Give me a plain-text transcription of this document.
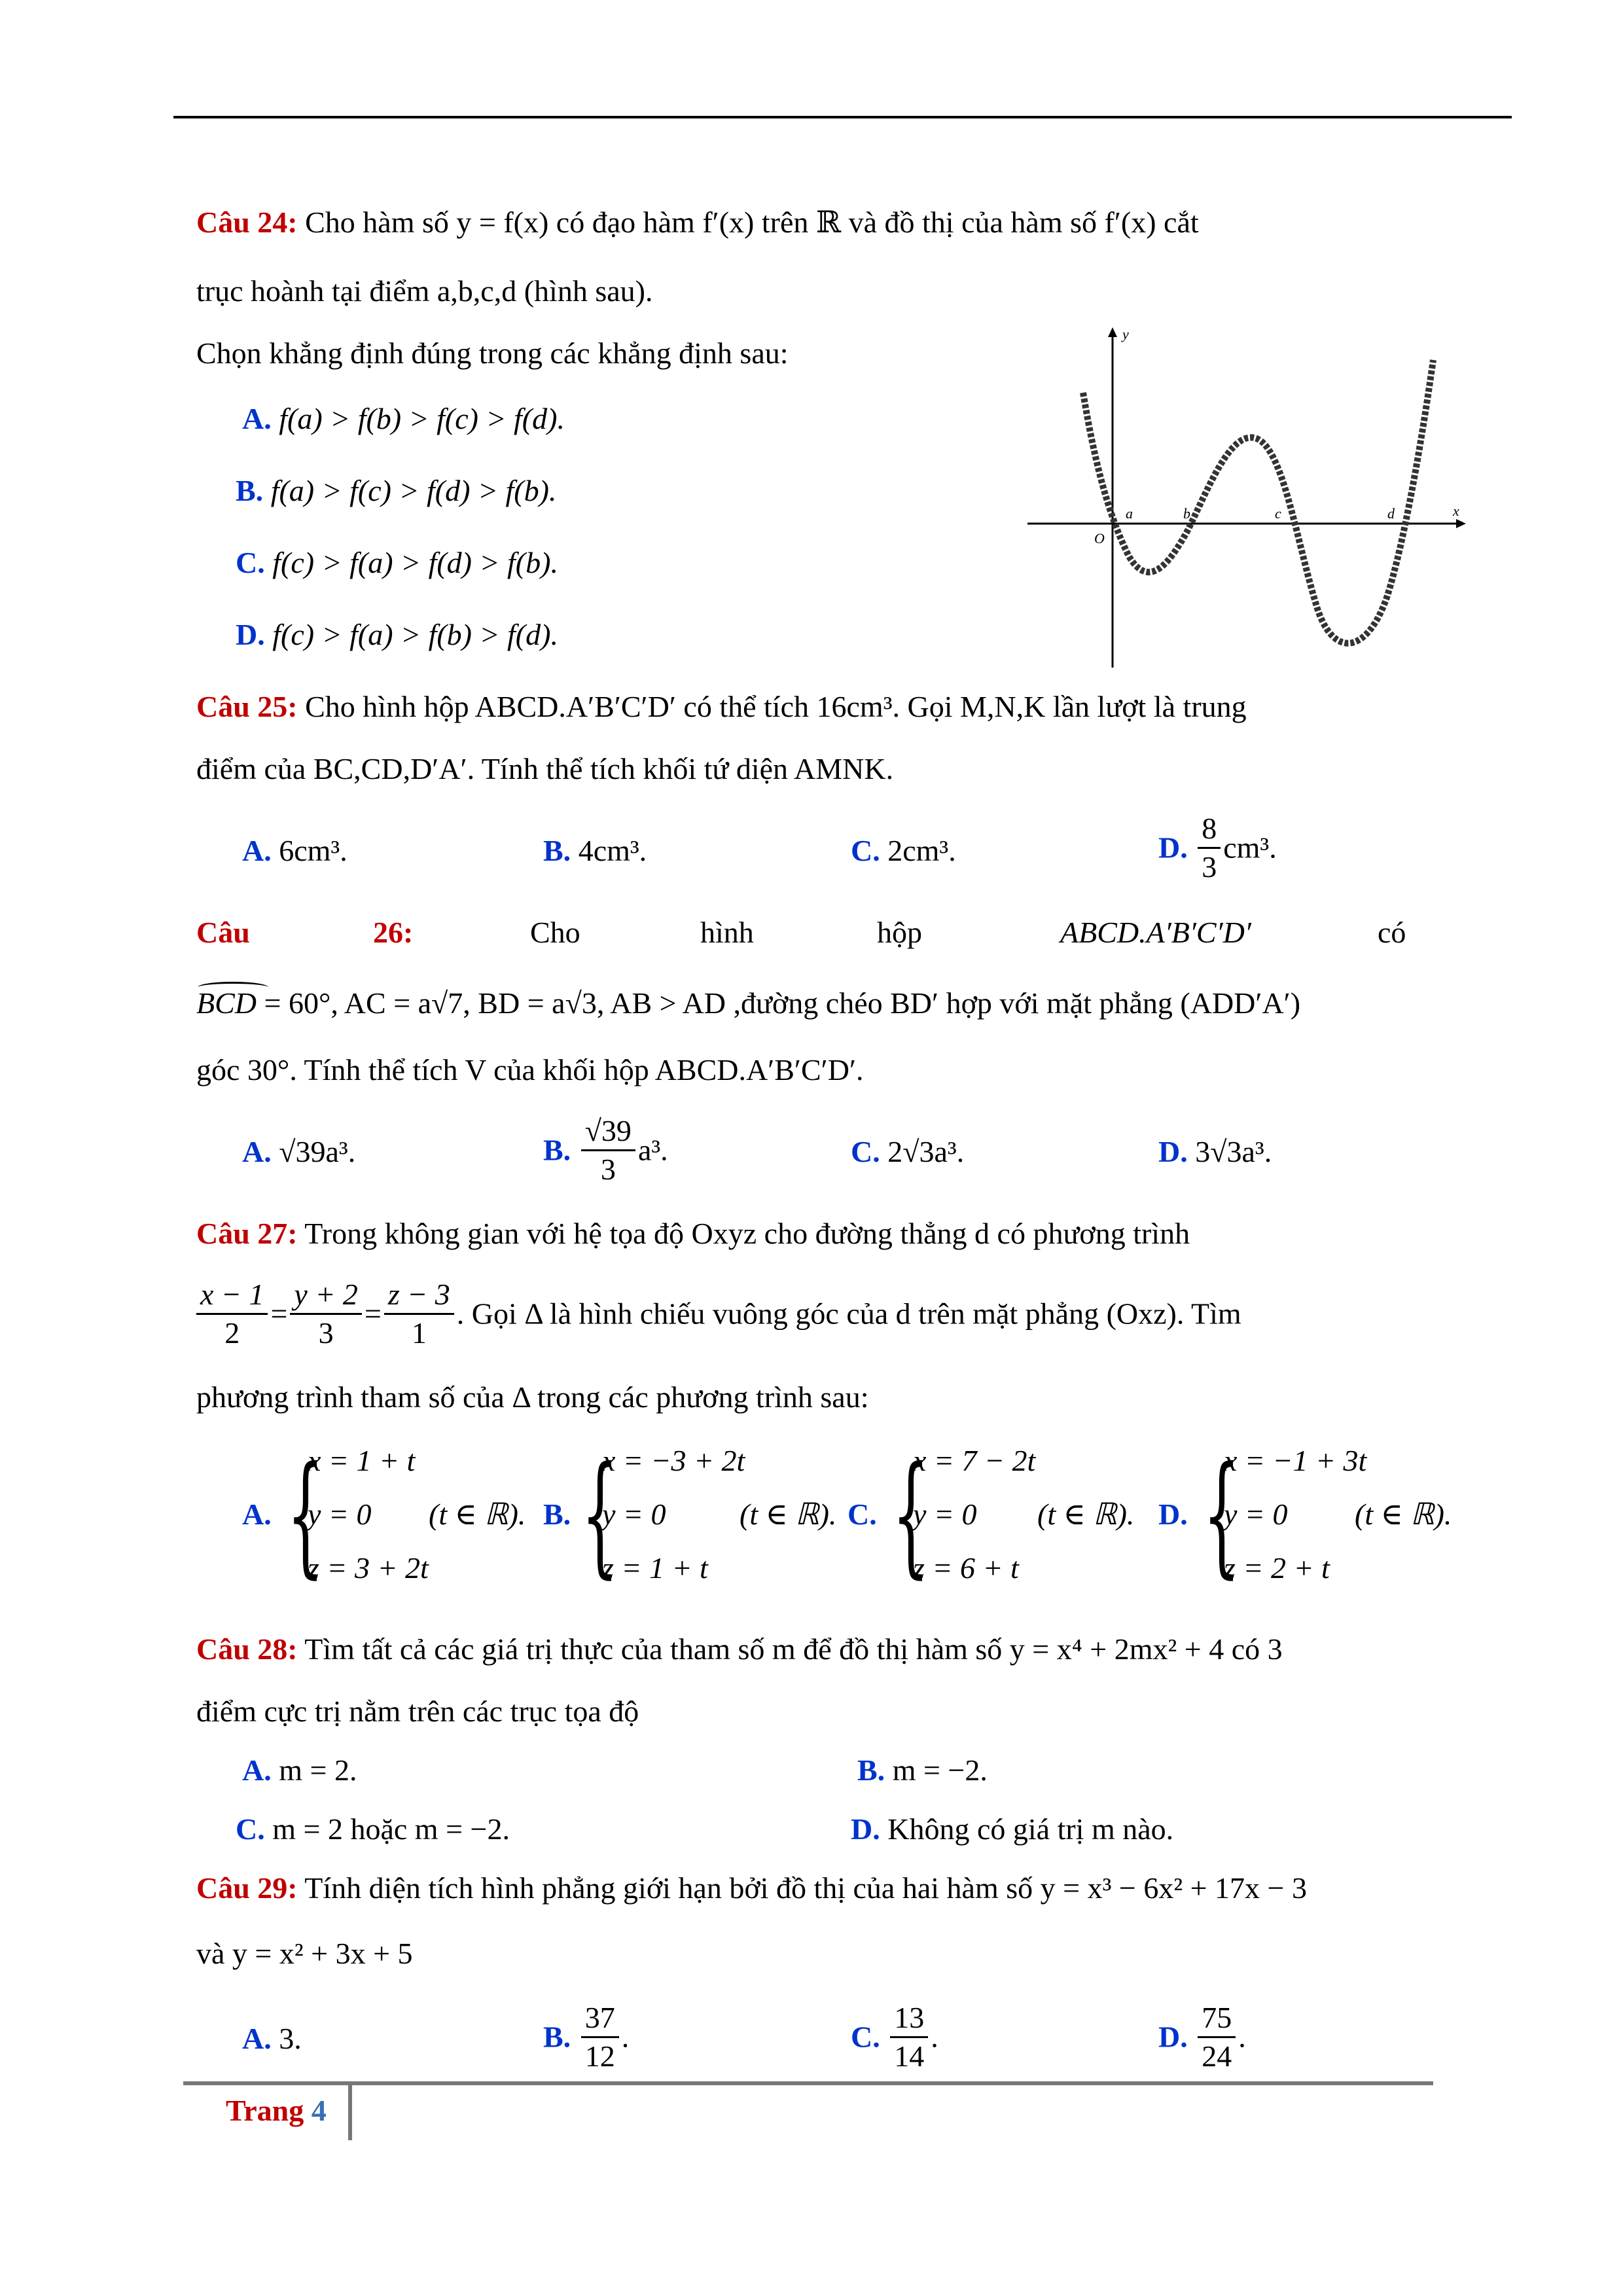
Câu 24: Cho hàm số y = f(x) có đạo hàm f′(x) trên ℝ và đồ thị của hàm số f′(x) cắt
trục hoành tại điểm a,b,c,d (hình sau).
Chọn khẳng định đúng trong các khẳng định sau:
A. f(a) > f(b) > f(c) > f(d).
B. f(a) > f(c) > f(d) > f(b).
C. f(c) > f(a) > f(d) > f(b).
D. f(c) > f(a) > f(b) > f(d).
y
x
O
a	b	c	d
Câu 25: Cho hình hộp ABCD.A′B′C′D′ có thể tích 16cm³. Gọi M,N,K lần lượt là trung
điểm của BC,CD,D′A′. Tính thể tích khối tứ diện AMNK.
A. 6cm³.	B. 4cm³.	C. 2cm³.	D. $\frac{8}{3} cm^3$.
Câu	26:	Cho	hình	hộp	ABCD.A′B′C′D′	có
BCD = 60°, AC = a√7, BD = a√3, AB > AD ,đường chéo BD′ hợp với mặt phẳng (ADD′A′)
góc 30°. Tính thể tích V của khối hộp ABCD.A′B′C′D′.
A. √39a³.	B. $\frac{√39}{3} a^3$.	C. 2√3a³.	D. 3√3a³.
Câu 27: Trong không gian với hệ tọa độ Oxyz cho đường thẳng d có phương trình
$\frac{x - 1}{2} = \frac{y + 2}{3} = \frac{z - 3}{1}$ . Gọi Δ là hình chiếu vuông góc của d trên mặt phẳng (Oxz). Tìm
phương trình tham số của Δ trong các phương trình sau:
A. {
x = 1 + t
y = 0
z = 3 + 2t
(t ∈ ℝ). B. {
x = −3 + 2t
y = 0
z = 1 + t
(t ∈ ℝ). C. {
x = 7 − 2t
y = 0
z = 6 + t
(t ∈ ℝ). D. {
x = −1 + 3t
y = 0
z = 2 + t
(t ∈ ℝ).
Câu 28: Tìm tất cả các giá trị thực của tham số m để đồ thị hàm số y = x⁴ + 2mx² + 4 có 3
điểm cực trị nằm trên các trục tọa độ
A. m = 2.	B. m = −2.
C. m = 2 hoặc m = −2.	D. Không có giá trị m nào.
Câu 29: Tính diện tích hình phẳng giới hạn bởi đồ thị của hai hàm số y = x³ − 6x² + 17x − 3
và y = x² + 3x + 5
A. 3.	B. $\frac{37}{12}$ .	C. $\frac{13}{14}$ .	D. $\frac{75}{24}$ .
Trang 4
